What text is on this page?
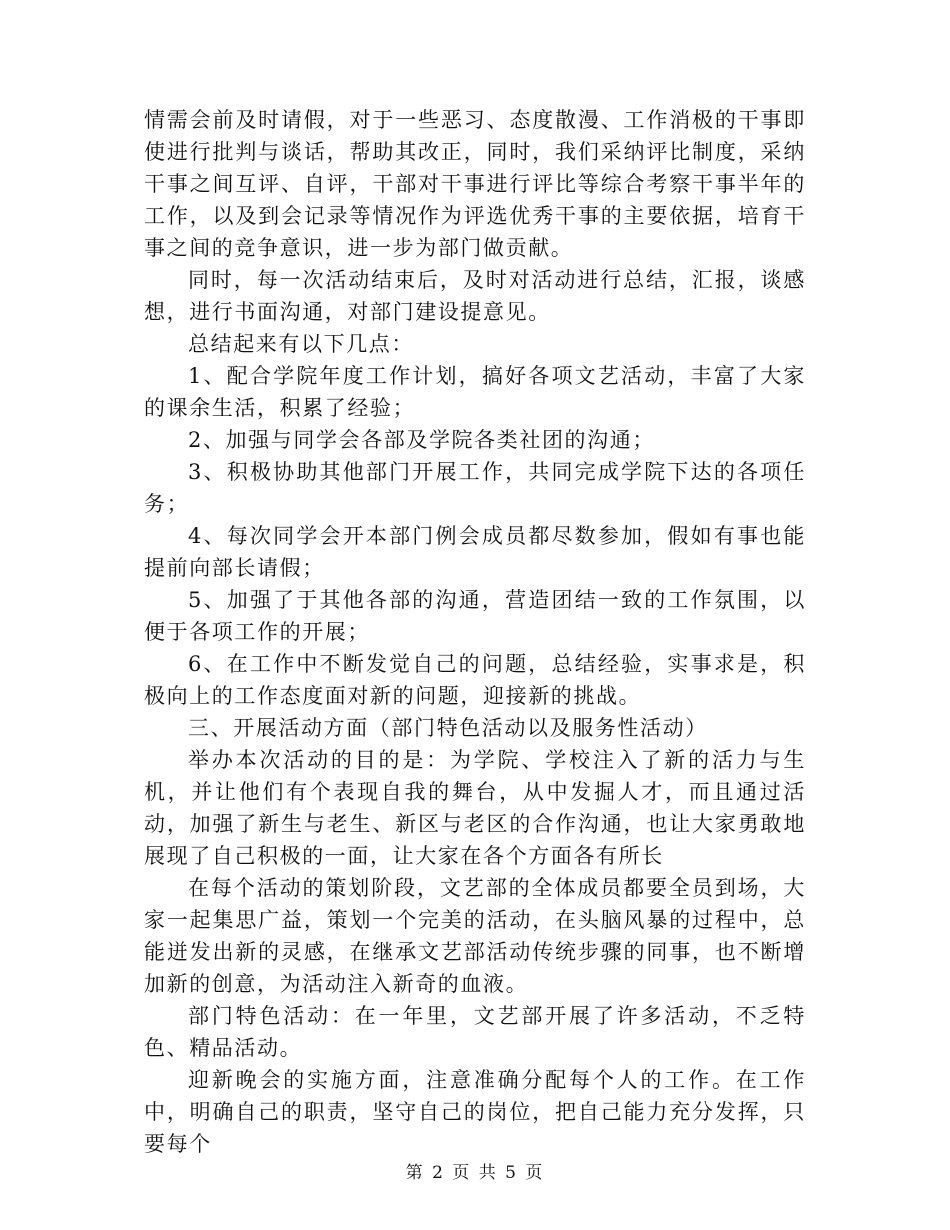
情需会前及时请假，对于一些恶习、态度散漫、工作消极的干事即使进行批判与谈话，帮助其改正，同时，我们采纳评比制度，采纳干事之间互评、自评，干部对干事进行评比等综合考察干事半年的工作，以及到会记录等情况作为评选优秀干事的主要依据，培育干事之间的竞争意识，进一步为部门做贡献。

同时，每一次活动结束后，及时对活动进行总结，汇报，谈感想，进行书面沟通，对部门建设提意见。

总结起来有以下几点：

1、配合学院年度工作计划，搞好各项文艺活动，丰富了大家的课余生活，积累了经验；

2、加强与同学会各部及学院各类社团的沟通；

3、积极协助其他部门开展工作，共同完成学院下达的各项任务；

4、每次同学会开本部门例会成员都尽数参加，假如有事也能提前向部长请假；

5、加强了于其他各部的沟通，营造团结一致的工作氛围，以便于各项工作的开展；

6、在工作中不断发觉自己的问题，总结经验，实事求是，积极向上的工作态度面对新的问题，迎接新的挑战。

三、开展活动方面（部门特色活动以及服务性活动）

举办本次活动的目的是：为学院、学校注入了新的活力与生机，并让他们有个表现自我的舞台，从中发掘人才，而且通过活动，加强了新生与老生、新区与老区的合作沟通，也让大家勇敢地展现了自己积极的一面，让大家在各个方面各有所长

在每个活动的策划阶段，文艺部的全体成员都要全员到场，大家一起集思广益，策划一个完美的活动，在头脑风暴的过程中，总能迸发出新的灵感，在继承文艺部活动传统步骤的同事，也不断增加新的创意，为活动注入新奇的血液。

部门特色活动：在一年里，文艺部开展了许多活动，不乏特色、精品活动。

迎新晚会的实施方面，注意准确分配每个人的工作。在工作中，明确自己的职责，坚守自己的岗位，把自己能力充分发挥，只要每个

第 2 页 共 5 页
